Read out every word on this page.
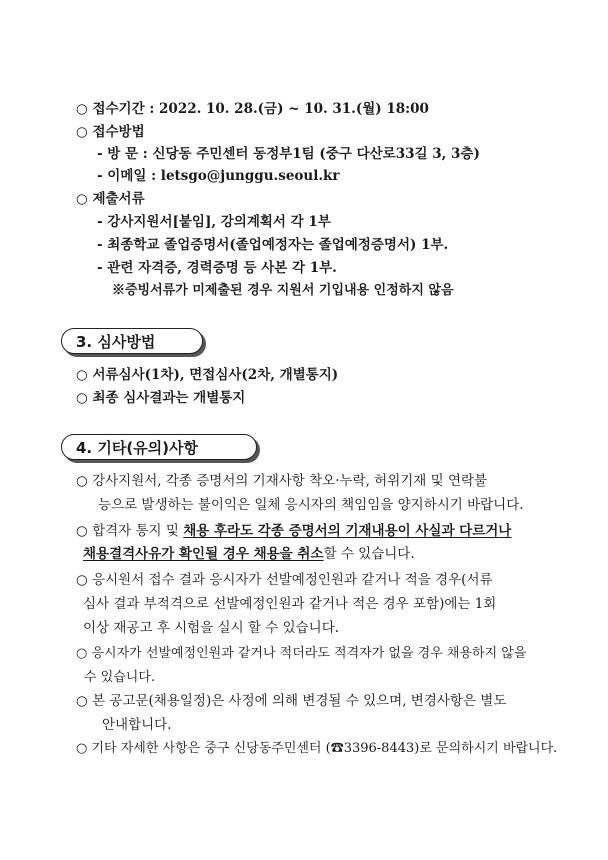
○ 접수기간 : 2022. 10. 28.(금) ~ 10. 31.(월) 18:00
○ 접수방법
- 방 문 : 신당동 주민센터 동정부1팀 (중구 다산로33길 3, 3층)
- 이메일 : letsgo@junggu.seoul.kr
○ 제출서류
- 강사지원서[붙임], 강의계획서 각 1부
- 최종학교 졸업증명서(졸업예정자는 졸업예정증명서) 1부.
- 관련 자격증, 경력증명 등 사본 각 1부.
※증빙서류가 미제출된 경우 지원서 기입내용 인정하지 않음
3. 심사방법
○ 서류심사(1차), 면접심사(2차, 개별통지)
○ 최종 심사결과는 개별통지
4. 기타(유의)사항
○ 강사지원서, 각종 증명서의 기재사항 착오·누락, 허위기재 및 연락불
능으로 발생하는 불이익은 일체 응시자의 책임임을 양지하시기 바랍니다.
○ 합격자 통지 및 채용 후라도 각종 증명서의 기재내용이 사실과 다르거나
채용결격사유가 확인될 경우 채용을 취소할 수 있습니다.
○ 응시원서 접수 결과 응시자가 선발예정인원과 같거나 적을 경우(서류
심사 결과 부적격으로 선발예정인원과 같거나 적은 경우 포함)에는 1회
이상 재공고 후 시험을 실시 할 수 있습니다.
○ 응시자가 선발예정인원과 같거나 적더라도 적격자가 없을 경우 채용하지 않을
수 있습니다.
○ 본 공고문(채용일정)은 사정에 의해 변경될 수 있으며, 변경사항은 별도
안내합니다.
○ 기타 자세한 사항은 중구 신당동주민센터 (☎3396-8443)로 문의하시기 바랍니다.
